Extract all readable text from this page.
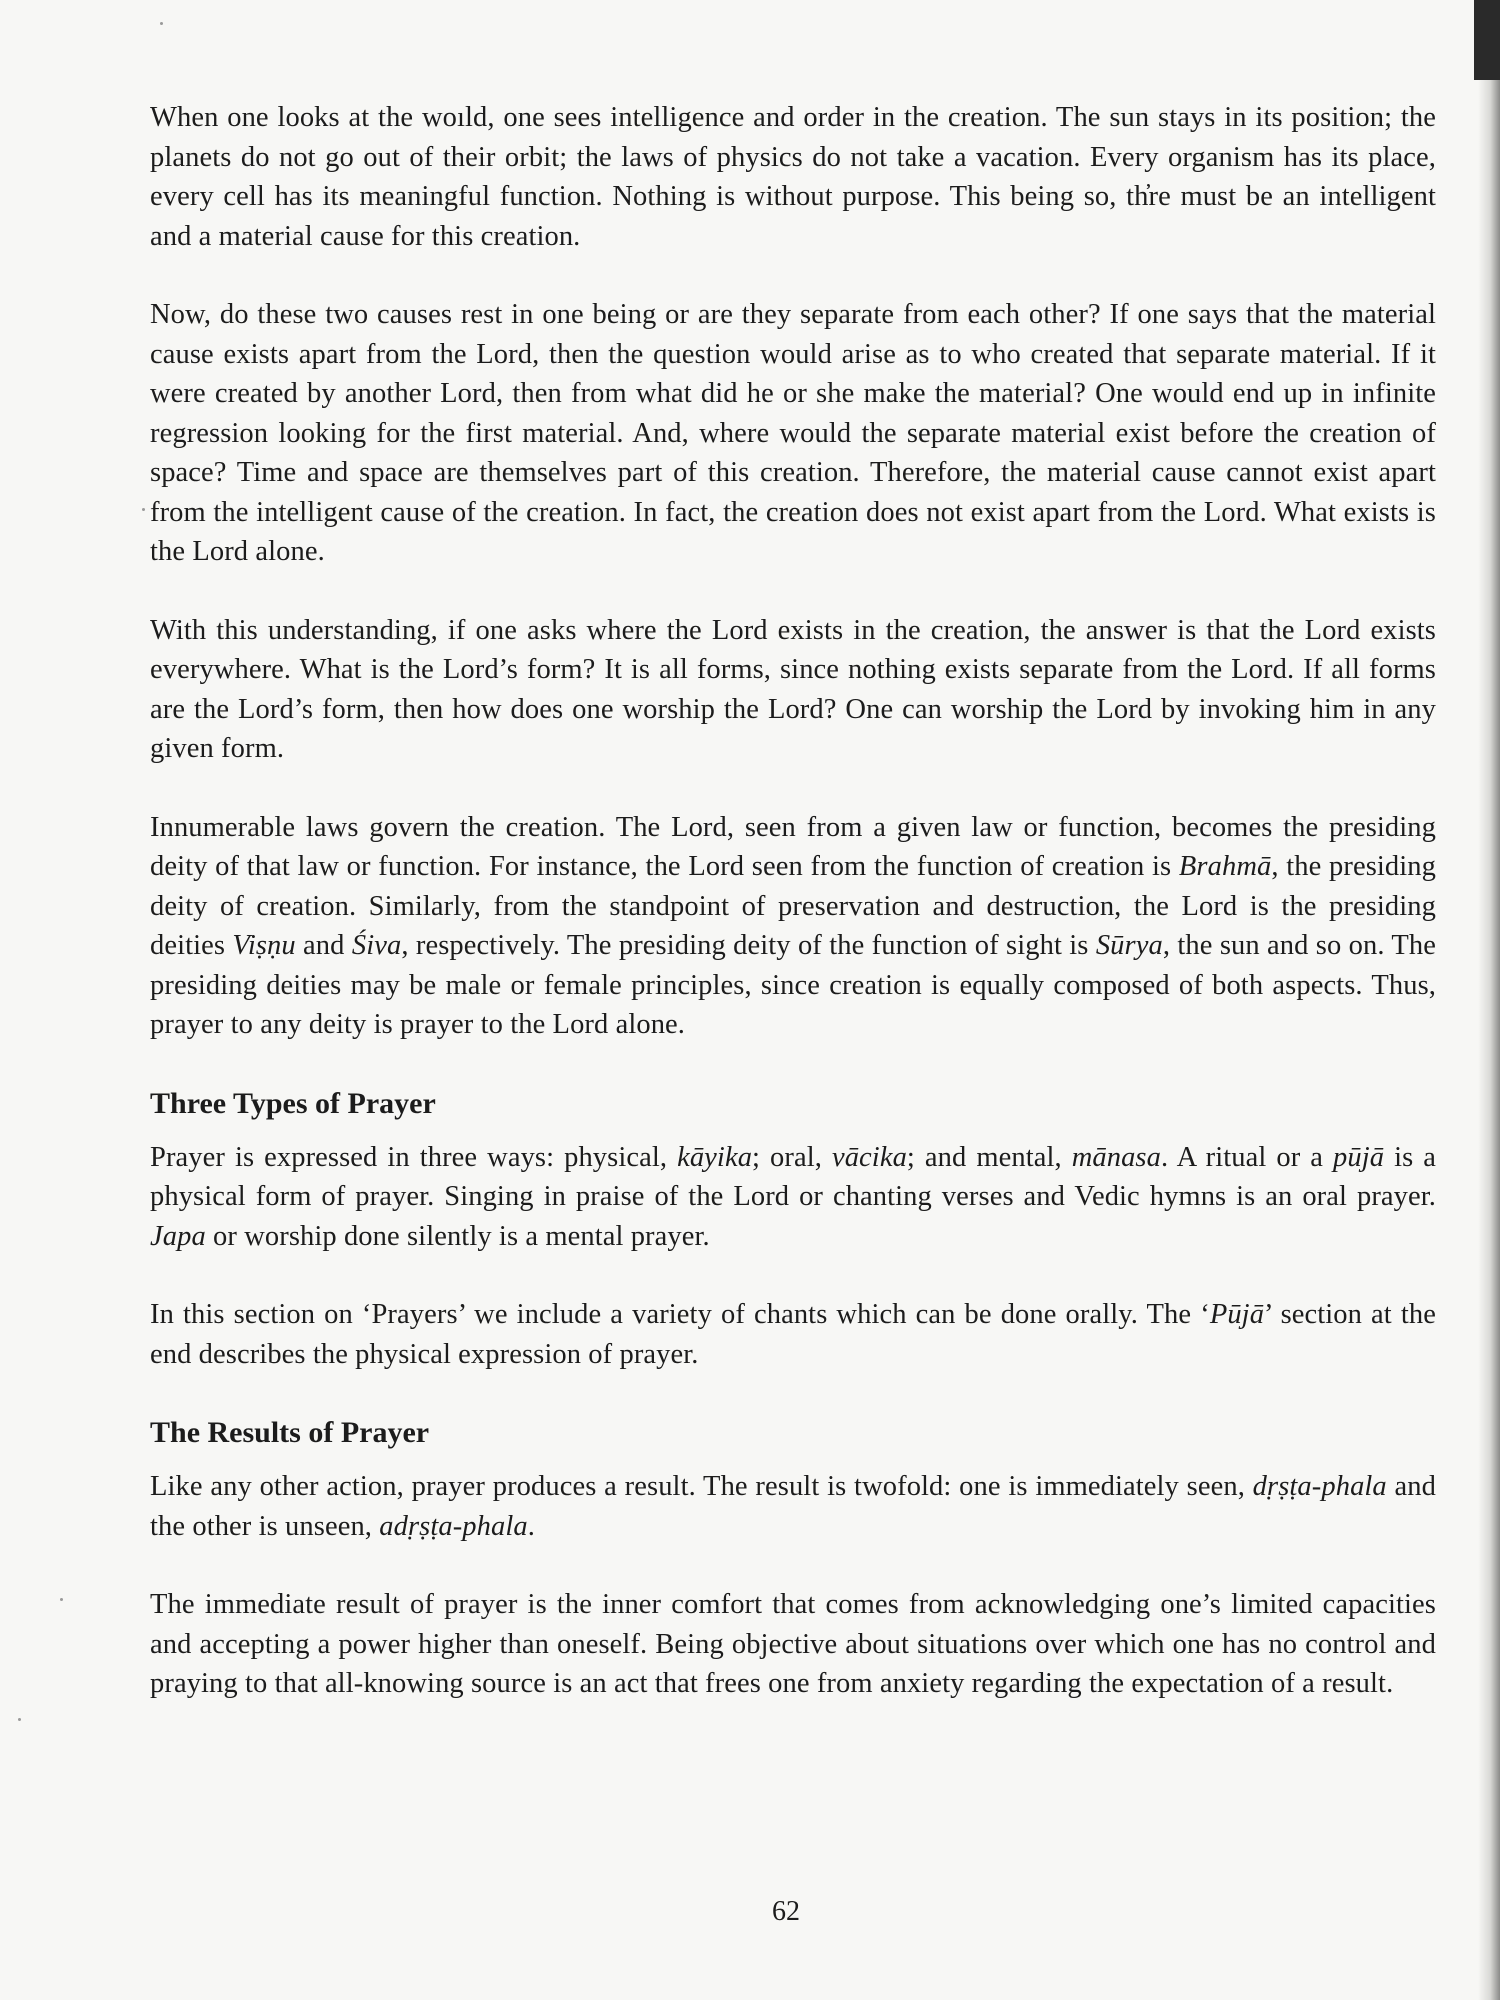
When one looks at the woıld, one sees intelligence and order in the creation. The sun stays in its position; the planets do not go out of their orbit; the laws of physics do not take a vacation. Every organism has its place, every cell has its meaningful function. Nothing is without purpose. This being so, th̓re must be an intelligent and a material cause for this creation.

Now, do these two causes rest in one being or are they separate from each other? If one says that the material cause exists apart from the Lord, then the question would arise as to who created that separate material. If it were created by another Lord, then from what did he or she make the material? One would end up in infinite regression looking for the first material. And, where would the separate material exist before the creation of space? Time and space are themselves part of this creation. Therefore, the material cause cannot exist apart from the intelligent cause of the creation. In fact, the creation does not exist apart from the Lord. What exists is the Lord alone.

With this understanding, if one asks where the Lord exists in the creation, the answer is that the Lord exists everywhere. What is the Lord’s form? It is all forms, since nothing exists separate from the Lord. If all forms are the Lord’s form, then how does one worship the Lord? One can worship the Lord by invoking him in any given form.

Innumerable laws govern the creation. The Lord, seen from a given law or function, becomes the presiding deity of that law or function. For instance, the Lord seen from the function of creation is Brahmā, the presiding deity of creation. Similarly, from the standpoint of preservation and destruction, the Lord is the presiding deities Viṣṇu and Śiva, respectively. The presiding deity of the function of sight is Sūrya, the sun and so on. The presiding deities may be male or female principles, since creation is equally composed of both aspects. Thus, prayer to any deity is prayer to the Lord alone.

Three Types of Prayer

Prayer is expressed in three ways: physical, kāyika; oral, vācika; and mental, mānasa. A ritual or a pūjā is a physical form of prayer. Singing in praise of the Lord or chanting verses and Vedic hymns is an oral prayer. Japa or worship done silently is a mental prayer.

In this section on ‘Prayers’ we include a variety of chants which can be done orally. The ‘Pūjā’ section at the end describes the physical expression of prayer.

The Results of Prayer

Like any other action, prayer produces a result. The result is twofold: one is immediately seen, dṛṣṭa-phala and the other is unseen, adṛṣṭa-phala.

The immediate result of prayer is the inner comfort that comes from acknowledging one’s limited capacities and accepting a power higher than oneself. Being objective about situations over which one has no control and praying to that all-knowing source is an act that frees one from anxiety regarding the expectation of a result.

62
